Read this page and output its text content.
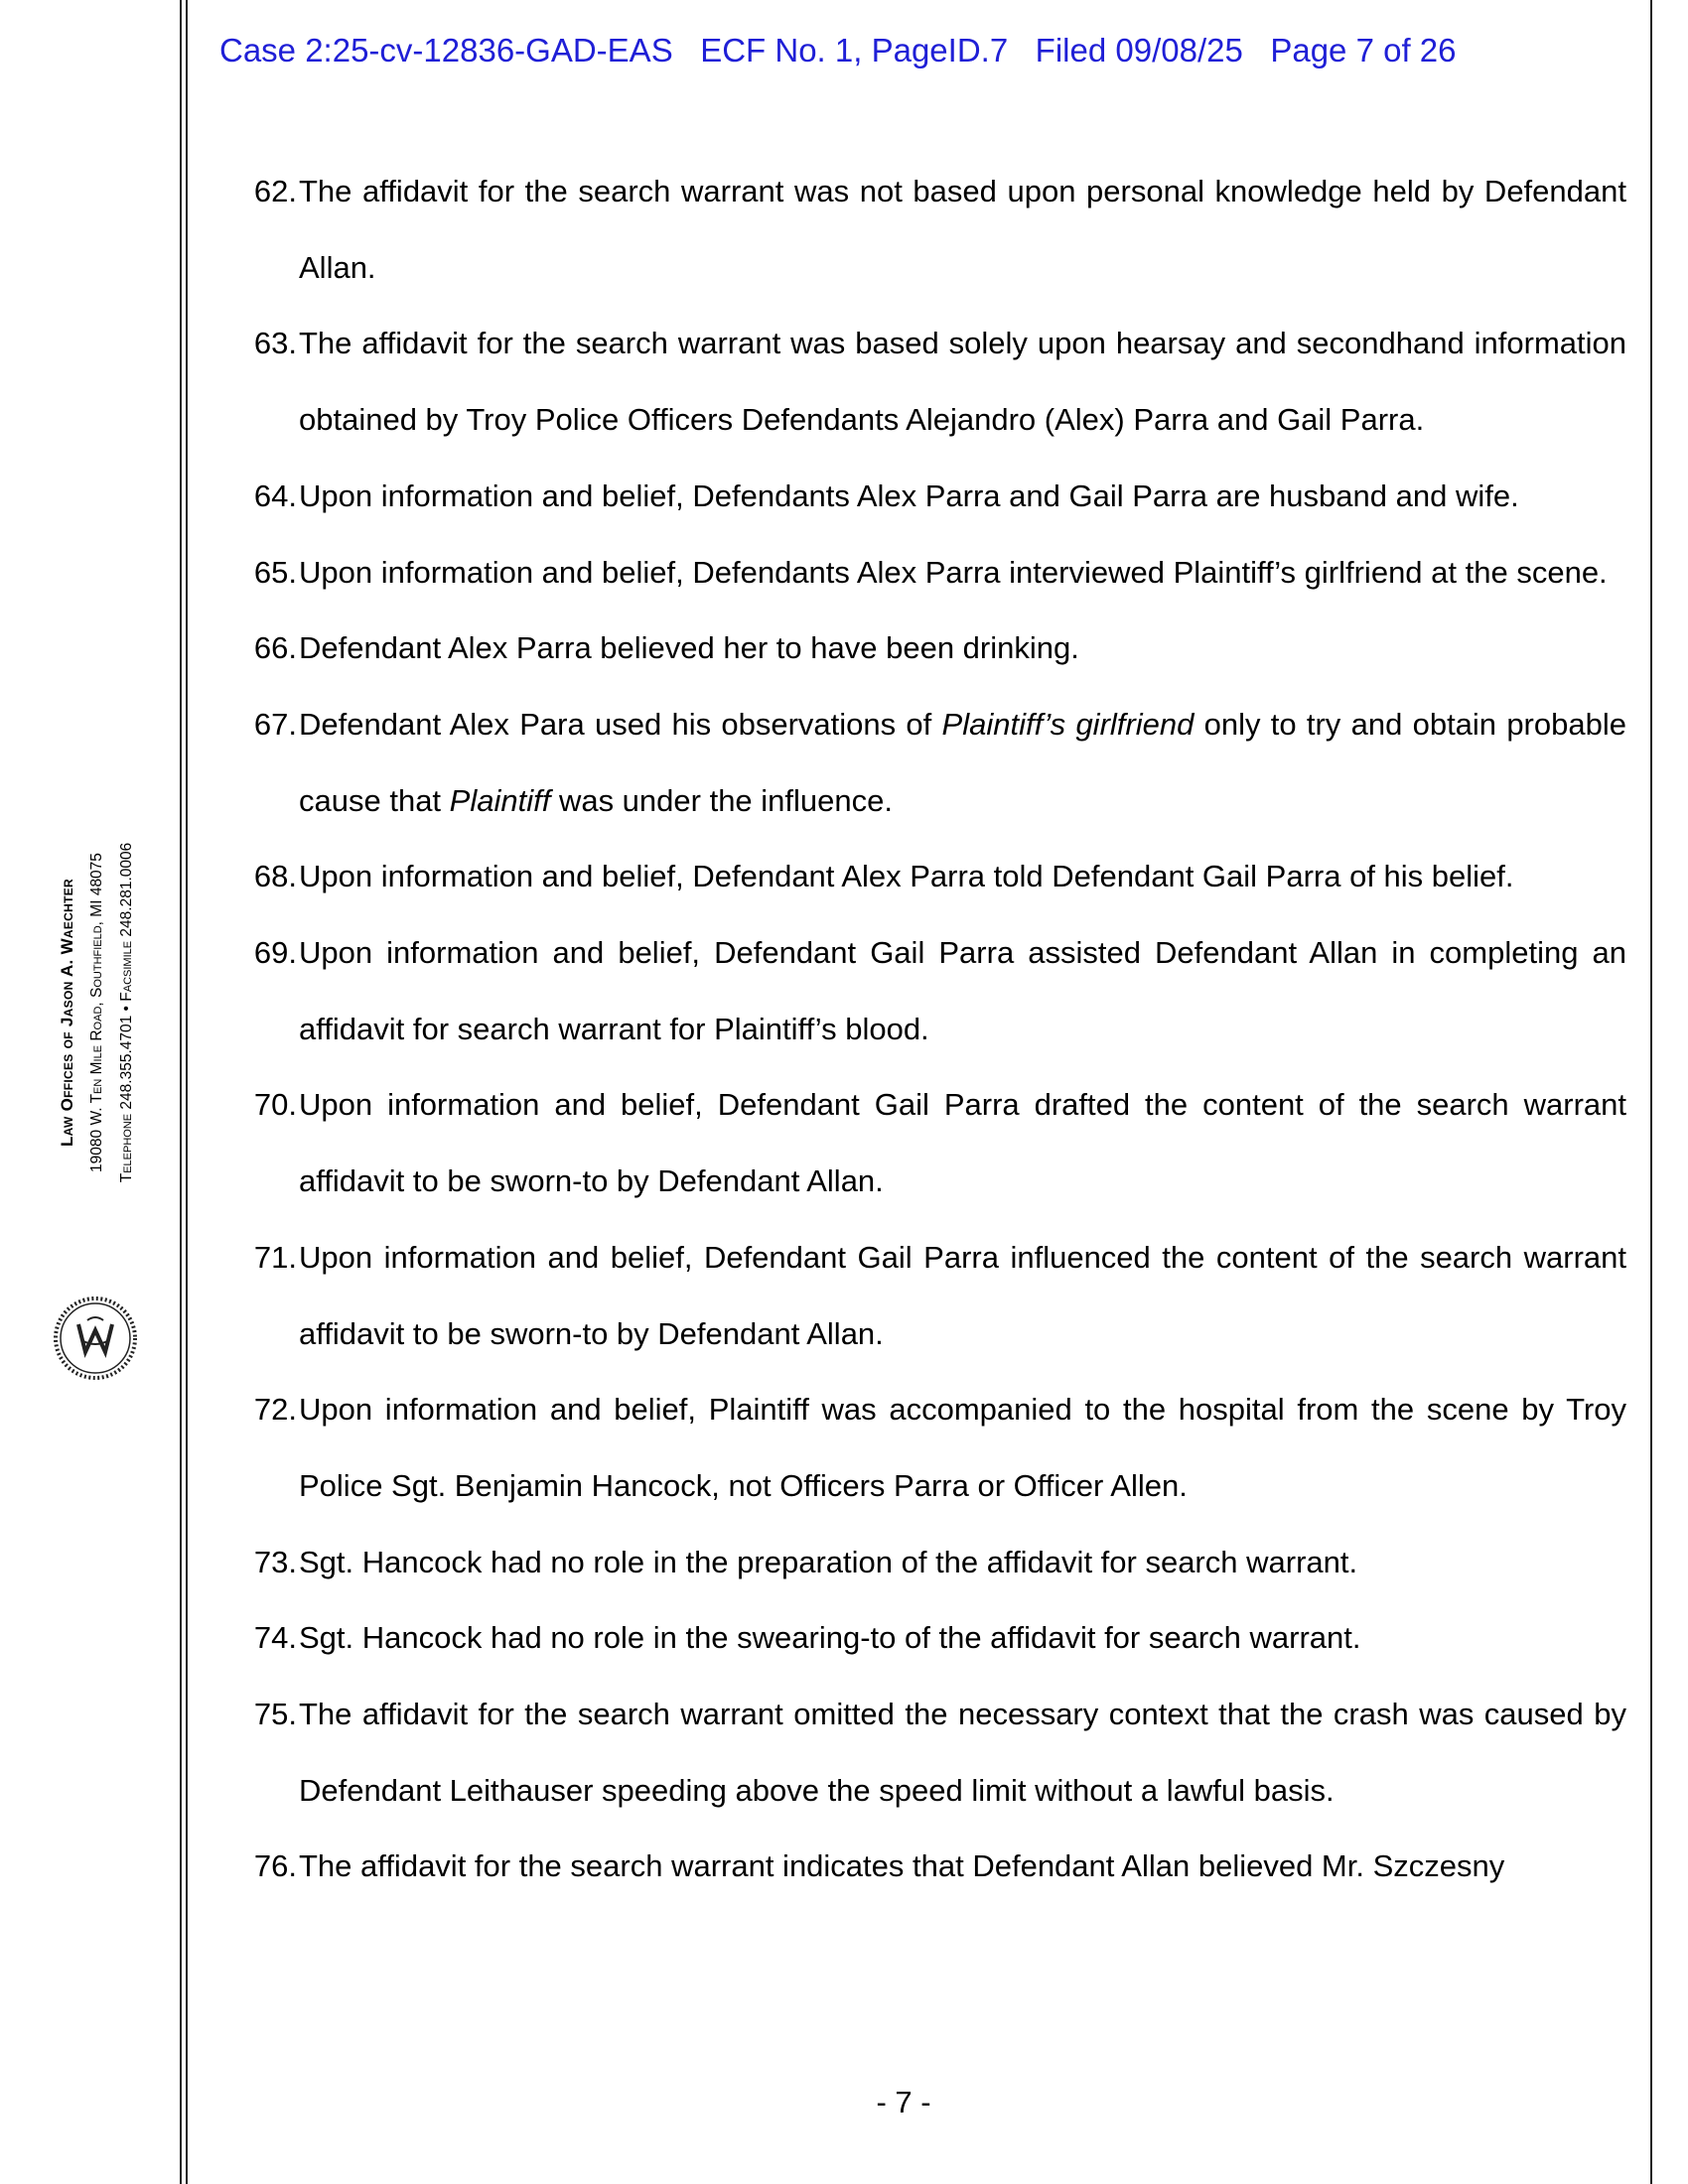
Case 2:25-cv-12836-GAD-EAS   ECF No. 1, PageID.7   Filed 09/08/25   Page 7 of 26
Law Offices of Jason A. Waechter 19080 W. Ten Mile Road, Southfield, MI 48075 Telephone 248.355.4701 • Facsimile 248.281.0006
62. The affidavit for the search warrant was not based upon personal knowledge held by Defendant Allan.
63. The affidavit for the search warrant was based solely upon hearsay and secondhand information obtained by Troy Police Officers Defendants Alejandro (Alex) Parra and Gail Parra.
64. Upon information and belief, Defendants Alex Parra and Gail Parra are husband and wife.
65. Upon information and belief, Defendants Alex Parra interviewed Plaintiff’s girlfriend at the scene.
66. Defendant Alex Parra believed her to have been drinking.
67. Defendant Alex Para used his observations of Plaintiff’s girlfriend only to try and obtain probable cause that Plaintiff was under the influence.
68. Upon information and belief, Defendant Alex Parra told Defendant Gail Parra of his belief.
69. Upon information and belief, Defendant Gail Parra assisted Defendant Allan in completing an affidavit for search warrant for Plaintiff’s blood.
70. Upon information and belief, Defendant Gail Parra drafted the content of the search warrant affidavit to be sworn-to by Defendant Allan.
71. Upon information and belief, Defendant Gail Parra influenced the content of the search warrant affidavit to be sworn-to by Defendant Allan.
72. Upon information and belief, Plaintiff was accompanied to the hospital from the scene by Troy Police Sgt. Benjamin Hancock, not Officers Parra or Officer Allen.
73. Sgt. Hancock had no role in the preparation of the affidavit for search warrant.
74. Sgt. Hancock had no role in the swearing-to of the affidavit for search warrant.
75. The affidavit for the search warrant omitted the necessary context that the crash was caused by Defendant Leithauser speeding above the speed limit without a lawful basis.
76. The affidavit for the search warrant indicates that Defendant Allan believed Mr. Szczesny
- 7 -
